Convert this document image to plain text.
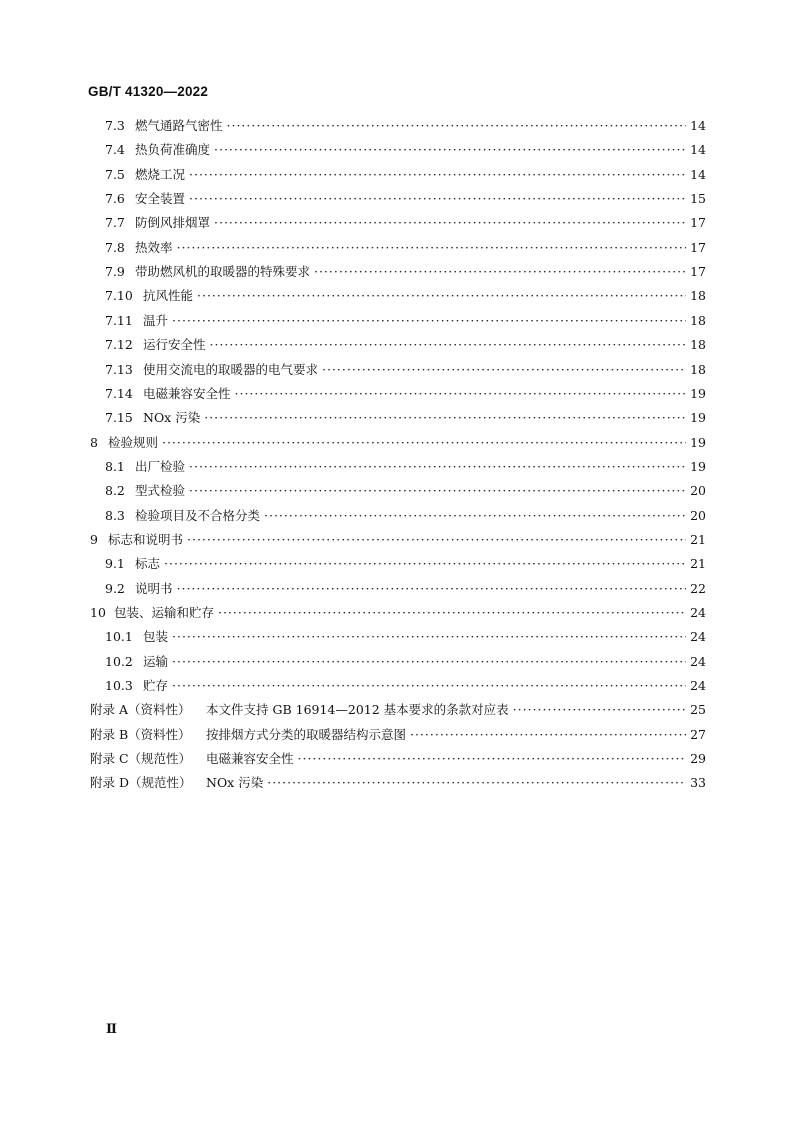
GB/T 41320—2022
7.3 燃气通路气密性 ·····	14
7.4 热负荷准确度 ·····	14
7.5 燃烧工况 ·····	14
7.6 安全装置 ·····	15
7.7 防倒风排烟罩 ·····	17
7.8 热效率 ·····	17
7.9 带助燃风机的取暖器的特殊要求 ·····	17
7.10 抗风性能 ·····	18
7.11 温升 ·····	18
7.12 运行安全性 ·····	18
7.13 使用交流电的取暖器的电气要求 ·····	18
7.14 电磁兼容安全性 ·····	19
7.15 NOx 污染 ·····	19
8 检验规则 ·····	19
8.1 出厂检验 ·····	19
8.2 型式检验 ·····	20
8.3 检验项目及不合格分类 ·····	20
9 标志和说明书 ·····	21
9.1 标志 ·····	21
9.2 说明书 ·····	22
10 包装、运输和贮存 ·····	24
10.1 包装 ·····	24
10.2 运输 ·····	24
10.3 贮存 ·····	24
附录 A（资料性）	本文件支持 GB 16914—2012 基本要求的条款对应表 ·····	25
附录 B（资料性）	按排烟方式分类的取暖器结构示意图 ·····	27
附录 C（规范性）	电磁兼容安全性 ·····	29
附录 D（规范性）	NOx 污染 ·····	33
Ⅱ
